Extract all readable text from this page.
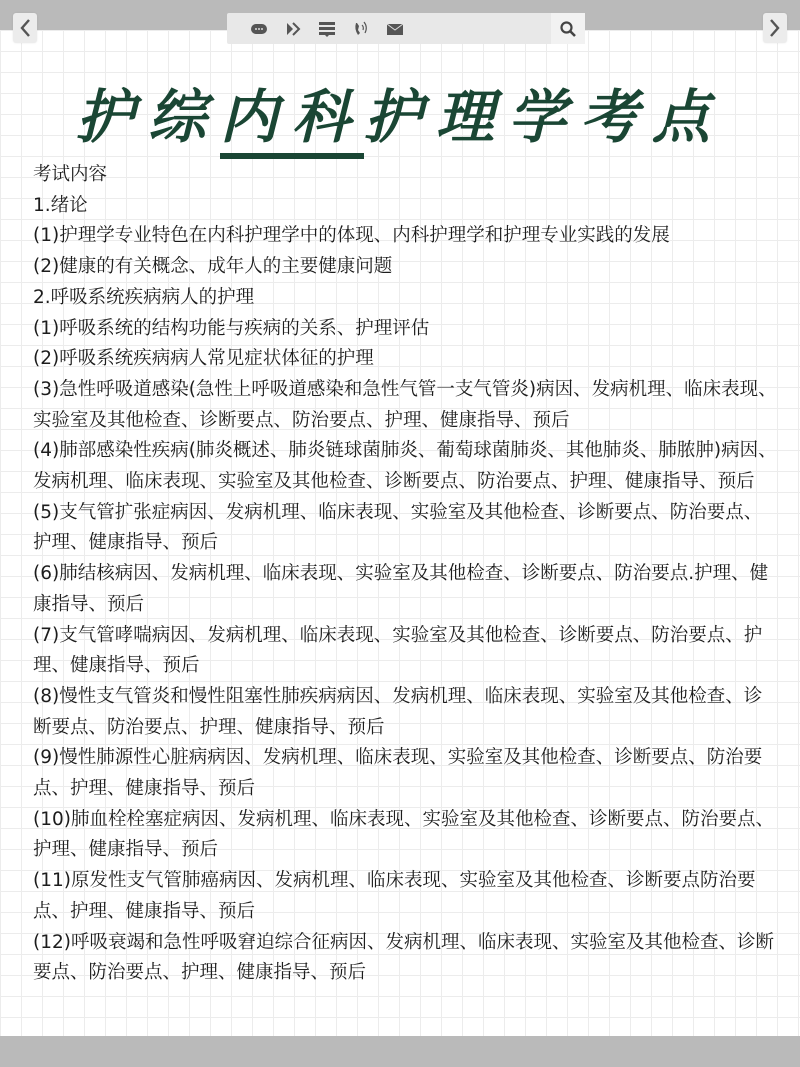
护综内科护理学考点

考试内容

1.绪论

(1)护理学专业特色在内科护理学中的体现、内科护理学和护理专业实践的发展

(2)健康的有关概念、成年人的主要健康问题

2.呼吸系统疾病病人的护理

(1)呼吸系统的结构功能与疾病的关系、护理评估

(2)呼吸系统疾病病人常见症状体征的护理

(3)急性呼吸道感染(急性上呼吸道感染和急性气管一支气管炎)病因、发病机理、临床表现、实验室及其他检查、诊断要点、防治要点、护理、健康指导、预后

(4)肺部感染性疾病(肺炎概述、肺炎链球菌肺炎、葡萄球菌肺炎、其他肺炎、肺脓肿)病因、发病机理、临床表现、实验室及其他检查、诊断要点、防治要点、护理、健康指导、预后

(5)支气管扩张症病因、发病机理、临床表现、实验室及其他检查、诊断要点、防治要点、护理、健康指导、预后

(6)肺结核病因、发病机理、临床表现、实验室及其他检查、诊断要点、防治要点.护理、健康指导、预后

(7)支气管哮喘病因、发病机理、临床表现、实验室及其他检查、诊断要点、防治要点、护理、健康指导、预后

(8)慢性支气管炎和慢性阻塞性肺疾病病因、发病机理、临床表现、实验室及其他检查、诊断要点、防治要点、护理、健康指导、预后

(9)慢性肺源性心脏病病因、发病机理、临床表现、实验室及其他检查、诊断要点、防治要点、护理、健康指导、预后

(10)肺血栓栓塞症病因、发病机理、临床表现、实验室及其他检查、诊断要点、防治要点、护理、健康指导、预后

(11)原发性支气管肺癌病因、发病机理、临床表现、实验室及其他检查、诊断要点防治要点、护理、健康指导、预后

(12)呼吸衰竭和急性呼吸窘迫综合征病因、发病机理、临床表现、实验室及其他检查、诊断要点、防治要点、护理、健康指导、预后
